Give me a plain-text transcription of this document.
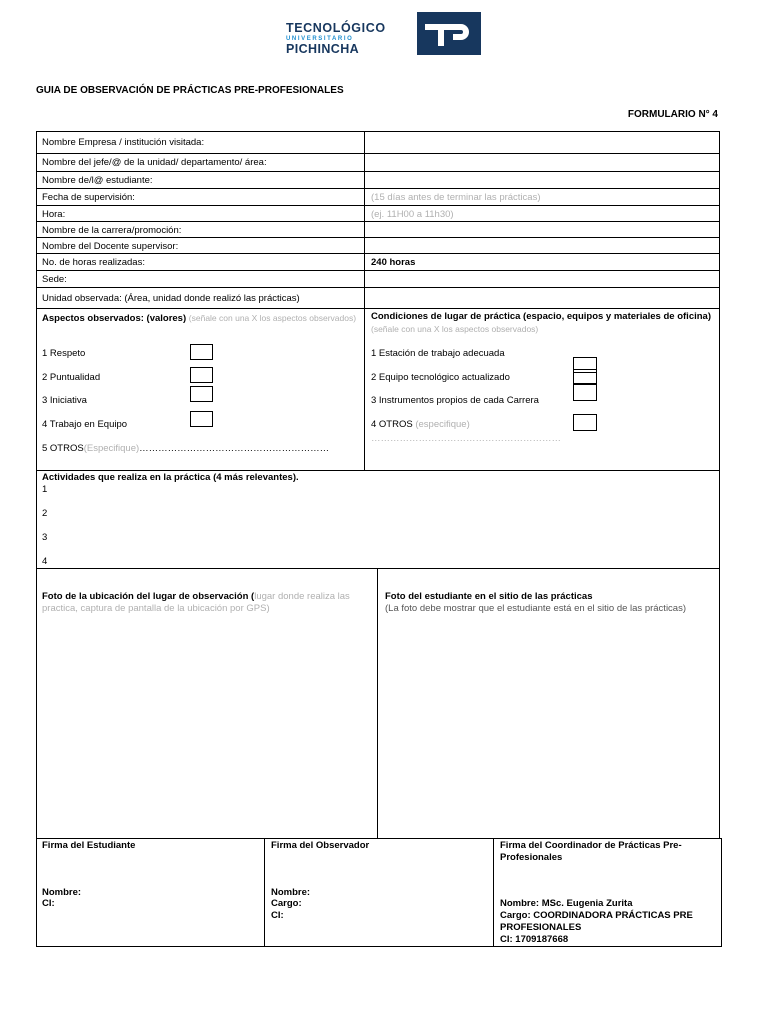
TECNOLÓGICO
UNIVERSITARIO
PICHINCHA
GUIA DE OBSERVACIÓN DE PRÁCTICAS PRE-PROFESIONALES
FORMULARIO N° 4
Nombre Empresa / institución visitada:
Nombre del jefe/@ de la unidad/ departamento/ área:
Nombre de/l@ estudiante:
Fecha de supervisión:
Hora:
Nombre de la carrera/promoción:
Nombre del Docente supervisor:
No. de horas realizadas:
Sede:
Unidad observada: (Área, unidad donde realizó las prácticas)
(15 días antes de terminar las prácticas)
(ej. 11H00 a 11h30)
240 horas
Aspectos observados: (valores) (señale con una X los aspectos observados)
1 Respeto
2 Puntualidad
3 Iniciativa
4 Trabajo en Equipo
5 OTROS(Especifique)……………………………………………………
Condiciones de lugar de práctica (espacio, equipos y materiales de oficina) (señale con una X los aspectos observados)
1 Estación de trabajo adecuada
2 Equipo tecnológico actualizado
3 Instrumentos propios de cada Carrera
4 OTROS (especifique)
……………………………………………………
Actividades que realiza en la práctica (4 más relevantes).
1
2
3
4
Foto de la ubicación del lugar de observación (lugar donde realiza las practica, captura de pantalla de la ubicación por GPS)
Foto del estudiante en el sitio de las prácticas
(La foto debe mostrar que el estudiante está en el sitio de las prácticas)
Firma del Estudiante
Nombre:
CI:
Firma del Observador
Nombre:
Cargo:
CI:
Firma del Coordinador de Prácticas Pre-Profesionales
Nombre: MSc. Eugenia Zurita
Cargo: COORDINADORA PRÁCTICAS PRE PROFESIONALES
CI: 1709187668
